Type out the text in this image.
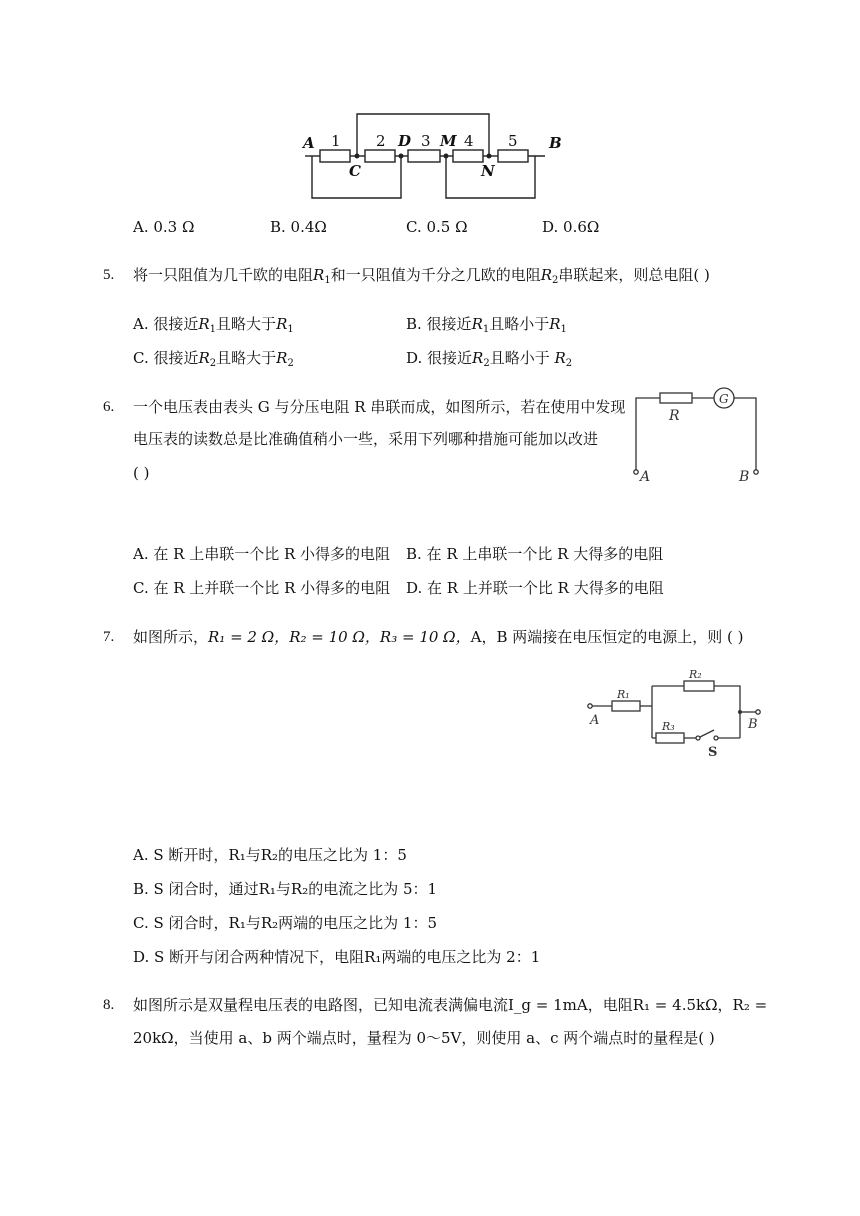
A 1 2 D 3 M 4 5 B
C	N
A. 0.3 Ω	B. 0.4Ω	C. 0.5 Ω	D. 0.6Ω
5. 将一只阻值为几千欧的电阻$R_1$和一只阻值为千分之几欧的电阻$R_2$串联起来，则总电阻( )
A. 很接近$R_1$且略大于$R_1$	B. 很接近$R_1$且略小于$R_1$
C. 很接近$R_2$且略大于$R_2$	D. 很接近$R_2$且略小于 $R_2$
6. 一个电压表由表头 G 与分压电阻 R 串联而成，如图所示，若在使用中发现
电压表的读数总是比准确值稍小一些，采用下列哪种措施可能加以改进
( )
R
G
A	B
A. 在 R 上串联一个比 R 小得多的电阻 B. 在 R 上串联一个比 R 大得多的电阻
C. 在 R 上并联一个比 R 小得多的电阻 D. 在 R 上并联一个比 R 大得多的电阻
7. 如图所示，R₁ = 2 Ω，R₂ = 10 Ω，R₃ = 10 Ω，A，B 两端接在电压恒定的电源上，则 ( )
R₁
R₂
R₃
A	B
S
A. S 断开时，R₁与R₂的电压之比为 1：5
B. S 闭合时，通过R₁与R₂的电流之比为 5：1
C. S 闭合时，R₁与R₂两端的电压之比为 1：5
D. S 断开与闭合两种情况下，电阻R₁两端的电压之比为 2：1
8. 如图所示是双量程电压表的电路图，已知电流表满偏电流I_g = 1mA，电阻R₁ = 4.5kΩ，R₂ =
20kΩ，当使用 a、b 两个端点时，量程为 0～5V，则使用 a、c 两个端点时的量程是( )
